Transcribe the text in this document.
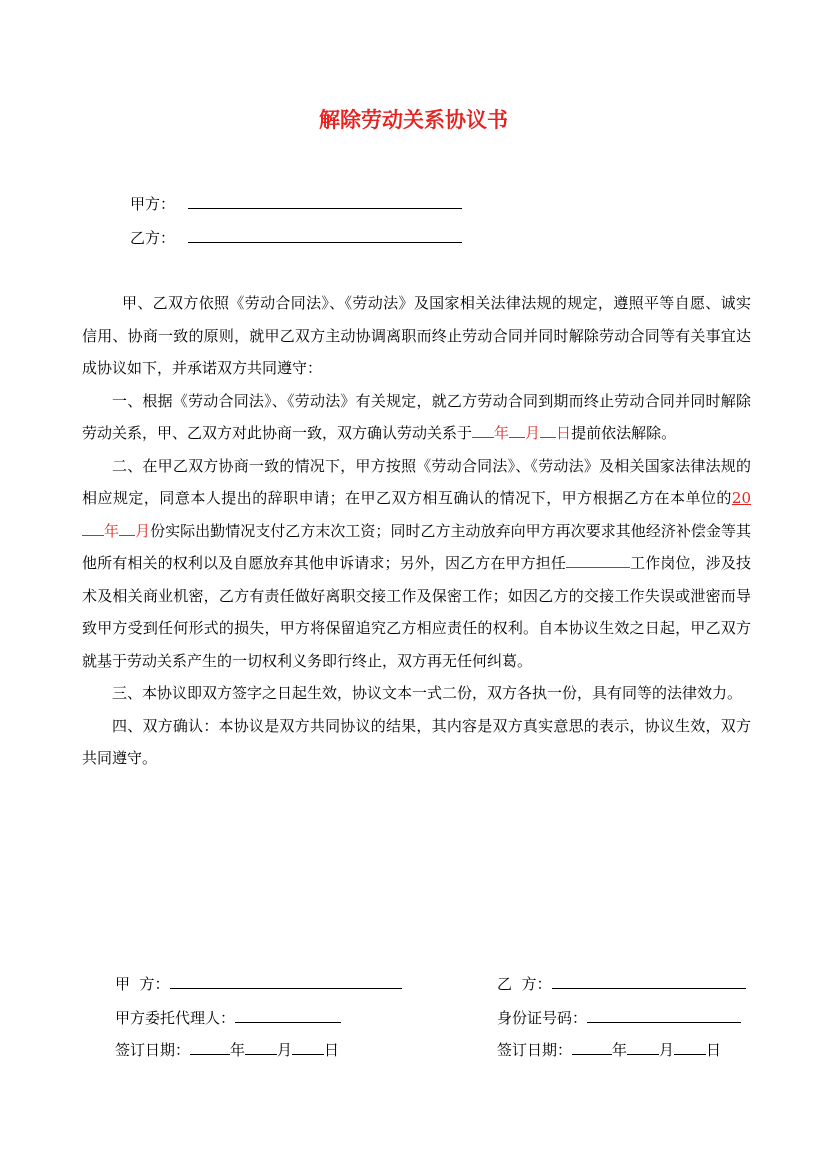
解除劳动关系协议书
甲方：
乙方：

甲、乙双方依照《劳动合同法》、《劳动法》及国家相关法律法规的规定，遵照平等自愿、诚实信用、协商一致的原则，就甲乙双方主动协调离职而终止劳动合同并同时解除劳动合同等有关事宜达成协议如下，并承诺双方共同遵守：

一、根据《劳动合同法》、《劳动法》有关规定，就乙方劳动合同到期而终止劳动合同并同时解除劳动关系，甲、乙双方对此协商一致，双方确认劳动关系于 年 月 日提前依法解除。

二、在甲乙双方协商一致的情况下，甲方按照《劳动合同法》、《劳动法》及相关国家法律法规的相应规定，同意本人提出的辞职申请；在甲乙双方相互确认的情况下，甲方根据乙方在本单位的20年 月份实际出勤情况支付乙方末次工资；同时乙方主动放弃向甲方再次要求其他经济补偿金等其他所有相关的权利以及自愿放弃其他申诉请求；另外，因乙方在甲方担任	工作岗位，涉及技术及相关商业机密，乙方有责任做好离职交接工作及保密工作；如因乙方的交接工作失误或泄密而导致甲方受到任何形式的损失，甲方将保留追究乙方相应责任的权利。自本协议生效之日起，甲乙双方就基于劳动关系产生的一切权利义务即行终止，双方再无任何纠葛。

三、本协议即双方签字之日起生效，协议文本一式二份，双方各执一份，具有同等的法律效力。

四、双方确认：本协议是双方共同协议的结果，其内容是双方真实意思的表示，协议生效，双方共同遵守。

甲  方：
甲方委托代理人：
签订日期：	年 月 日
乙  方：
身份证号码：
签订日期：	年 月 日
